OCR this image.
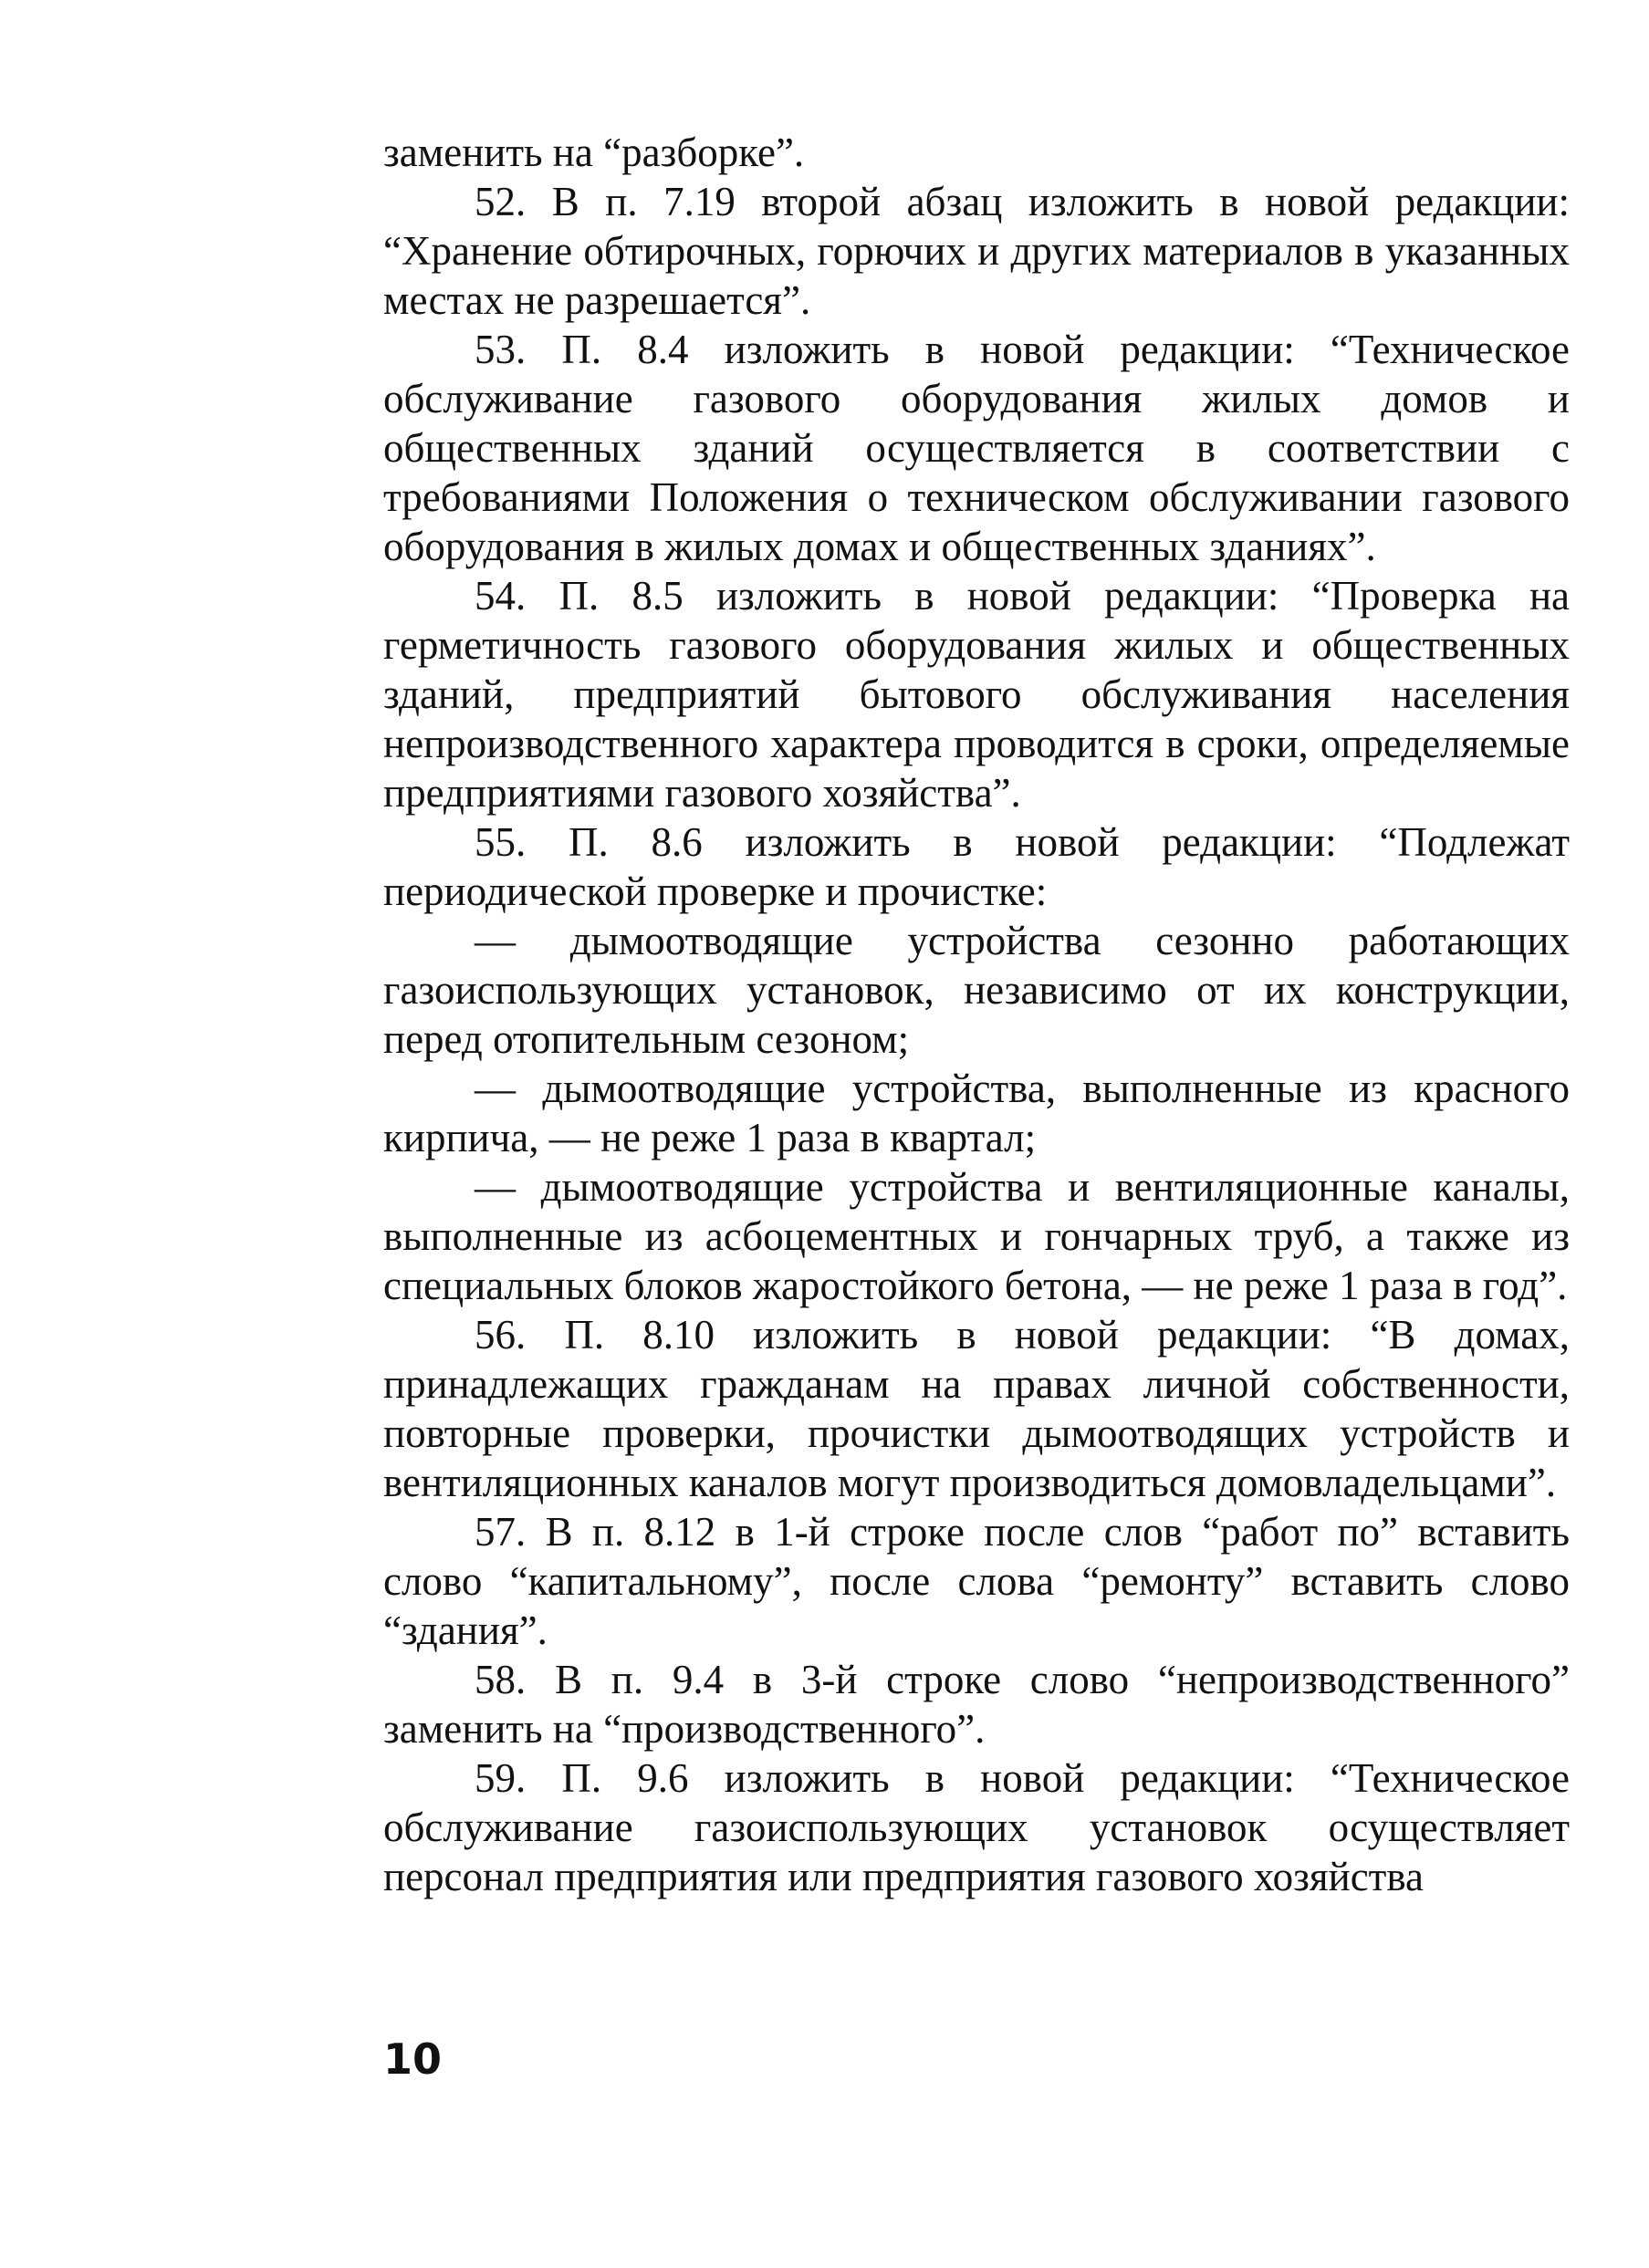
заменить на “разборке”.

52. В п. 7.19 второй абзац изложить в новой редакции: “Хранение обтирочных, горючих и других материалов в указанных местах не разрешается”.

53. П. 8.4 изложить в новой редакции: “Техническое обслуживание газового оборудования жилых домов и общественных зданий осуществляется в соответствии с требованиями Положения о техническом обслуживании газового оборудования в жилых домах и общественных зданиях”.

54. П. 8.5 изложить в новой редакции: “Проверка на герметичность газового оборудования жилых и общественных зданий, предприятий бытового обслуживания населения непроизводственного характера проводится в сроки, определяемые предприятиями газового хозяйства”.

55. П. 8.6 изложить в новой редакции: “Подлежат периодической проверке и прочистке:

— дымоотводящие устройства сезонно работающих газоиспользующих установок, независимо от их конструкции, перед отопительным сезоном;

— дымоотводящие устройства, выполненные из красного кирпича, — не реже 1 раза в квартал;

— дымоотводящие устройства и вентиляционные каналы, выполненные из асбоцементных и гончарных труб, а также из специальных блоков жаростойкого бетона, — не реже 1 раза в год”.

56. П. 8.10 изложить в новой редакции: “В домах, принадлежащих гражданам на правах личной собственности, повторные проверки, прочистки дымоотводящих устройств и вентиляционных каналов могут производиться домовладельцами”.

57. В п. 8.12 в 1-й строке после слов “работ по” вставить слово “капитальному”, после слова “ремонту” вставить слово “здания”.

58. В п. 9.4 в 3-й строке слово “непроизводственного” заменить на “производственного”.

59. П. 9.6 изложить в новой редакции: “Техническое обслуживание газоиспользующих установок осуществляет персонал предприятия или предприятия газового хозяйства

10
